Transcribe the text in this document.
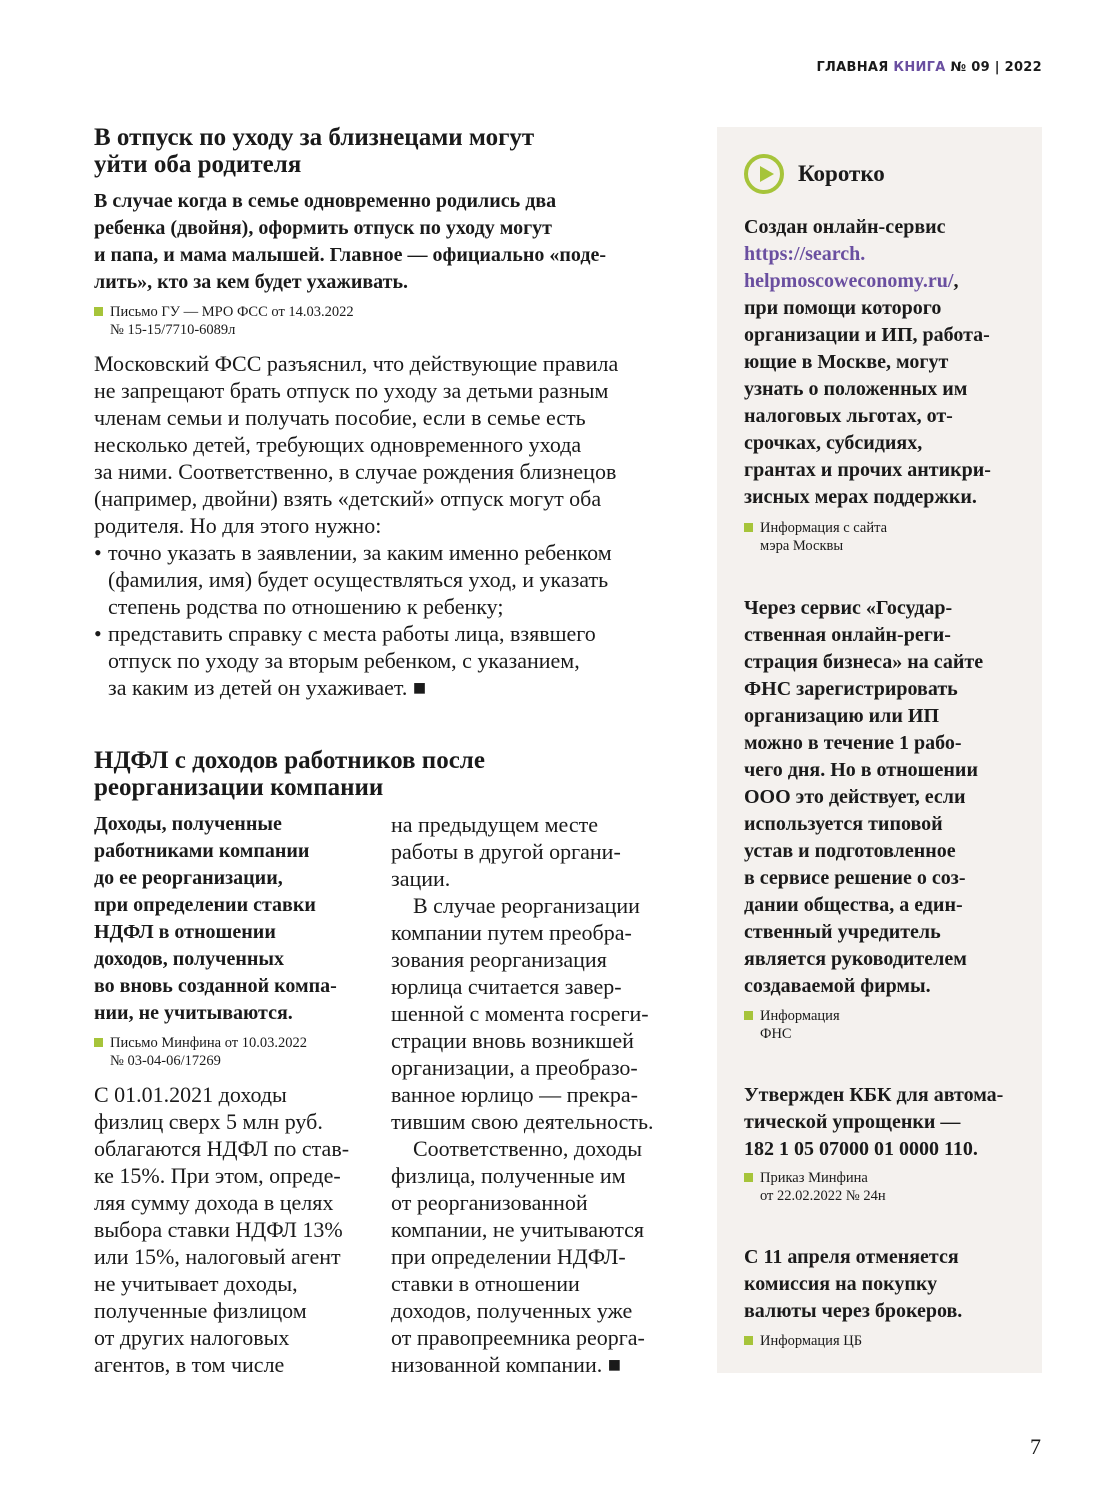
ГЛАВНАЯ КНИГА № 09 | 2022
В отпуск по уходу за близнецами могут
уйти оба родителя

В случае когда в семье одновременно родились два
ребенка (двойня), оформить отпуск по уходу могут
и папа, и мама малышей. Главное — официально «поде-
лить», кто за кем будет ухаживать.

Письмо ГУ — МРО ФСС от 14.03.2022
№ 15-15/7710-6089л

Московский ФСС разъяснил, что действующие правила
не запрещают брать отпуск по уходу за детьми разным
членам семьи и получать пособие, если в семье есть
несколько детей, требующих одновременного ухода
за ними. Соответственно, в случае рождения близнецов
(например, двойни) взять «детский» отпуск могут оба
родителя. Но для этого нужно:

• точно указать в заявлении, за каким именно ребенком
(фамилия, имя) будет осуществляться уход, и указать
степень родства по отношению к ребенку;
• представить справку с места работы лица, взявшего
отпуск по уходу за вторым ребенком, с указанием,
за каким из детей он ухаживает. ■
НДФЛ с доходов работников после
реорганизации компании

Доходы, полученные
работниками компании
до ее реорганизации,
при определении ставки
НДФЛ в отношении
доходов, полученных
во вновь созданной компа-
нии, не учитываются.

Письмо Минфина от 10.03.2022
№ 03-04-06/17269

С 01.01.2021 доходы
физлиц сверх 5 млн руб.
облагаются НДФЛ по став-
ке 15%. При этом, опреде-
ляя сумму дохода в целях
выбора ставки НДФЛ 13%
или 15%, налоговый агент
не учитывает доходы,
полученные физлицом
от других налоговых
агентов, в том числе

на предыдущем месте
работы в другой органи-
зации.
В случае реорганизации
компании путем преобра-
зования реорганизация
юрлица считается завер-
шенной с момента госреги-
страции вновь возникшей
организации, а преобразо-
ванное юрлицо — прекра-
тившим свою деятельность.
Соответственно, доходы
физлица, полученные им
от реорганизованной
компании, не учитываются
при определении НДФЛ-
ставки в отношении
доходов, полученных уже
от правопреемника реорга-
низованной компании. ■

Коротко

Создан онлайн-сервис
https://search.
helpmoscoweconomy.ru/,
при помощи которого
организации и ИП, работа-
ющие в Москве, могут
узнать о положенных им
налоговых льготах, от-
срочках, субсидиях,
грантах и прочих антикри-
зисных мерах поддержки.

Информация с сайта
мэра Москвы

Через сервис «Государ-
ственная онлайн-реги-
страция бизнеса» на сайте
ФНС зарегистрировать
организацию или ИП
можно в течение 1 рабо-
чего дня. Но в отношении
ООО это действует, если
используется типовой
устав и подготовленное
в сервисе решение о соз-
дании общества, а един-
ственный учредитель
является руководителем
создаваемой фирмы.

Информация
ФНС

Утвержден КБК для автома-
тической упрощенки —
182 1 05 07000 01 0000 110.

Приказ Минфина
от 22.02.2022 № 24н

С 11 апреля отменяется
комиссия на покупку
валюты через брокеров.

Информация ЦБ

7
